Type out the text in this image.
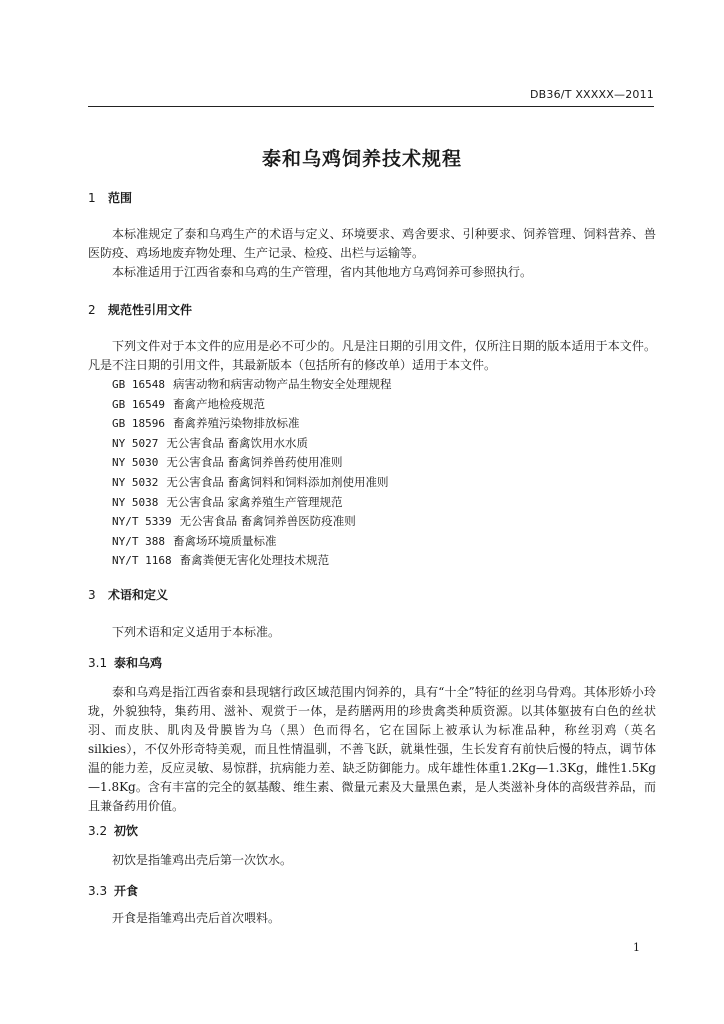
DB36/T XXXXX—2011
泰和乌鸡饲养技术规程
1 范围
本标准规定了泰和乌鸡生产的术语与定义、环境要求、鸡舍要求、引种要求、饲养管理、饲料营养、兽医防疫、鸡场地废弃物处理、生产记录、检疫、出栏与运输等。
本标准适用于江西省泰和乌鸡的生产管理，省内其他地方乌鸡饲养可参照执行。
2 规范性引用文件
下列文件对于本文件的应用是必不可少的。凡是注日期的引用文件，仅所注日期的版本适用于本文件。凡是不注日期的引用文件，其最新版本（包括所有的修改单）适用于本文件。
GB 16548 病害动物和病害动物产品生物安全处理规程
GB 16549 畜禽产地检疫规范
GB 18596 畜禽养殖污染物排放标准
NY 5027 无公害食品 畜禽饮用水水质
NY 5030 无公害食品 畜禽饲养兽药使用准则
NY 5032 无公害食品 畜禽饲料和饲料添加剂使用准则
NY 5038 无公害食品 家禽养殖生产管理规范
NY/T 5339 无公害食品 畜禽饲养兽医防疫准则
NY/T 388 畜禽场环境质量标准
NY/T 1168 畜禽粪便无害化处理技术规范
3 术语和定义
下列术语和定义适用于本标准。
3.1 泰和乌鸡
泰和乌鸡是指江西省泰和县现辖行政区域范围内饲养的，具有“十全”特征的丝羽乌骨鸡。其体形娇小玲珑，外貌独特，集药用、滋补、观赏于一体，是药膳两用的珍贵禽类种质资源。以其体躯披有白色的丝状羽、而皮肤、肌肉及骨膜皆为乌（黑）色而得名，它在国际上被承认为标准品种，称丝羽鸡（英名silkies），不仅外形奇特美观，而且性情温驯，不善飞跃，就巢性强，生长发育有前快后慢的特点，调节体温的能力差，反应灵敏、易惊群，抗病能力差、缺乏防御能力。成年雄性体重1.2Kg—1.3Kg，雌性1.5Kg—1.8Kg。含有丰富的完全的氨基酸、维生素、微量元素及大量黑色素，是人类滋补身体的高级营养品，而且兼备药用价值。
3.2 初饮
初饮是指雏鸡出壳后第一次饮水。
3.3 开食
开食是指雏鸡出壳后首次喂料。
1
